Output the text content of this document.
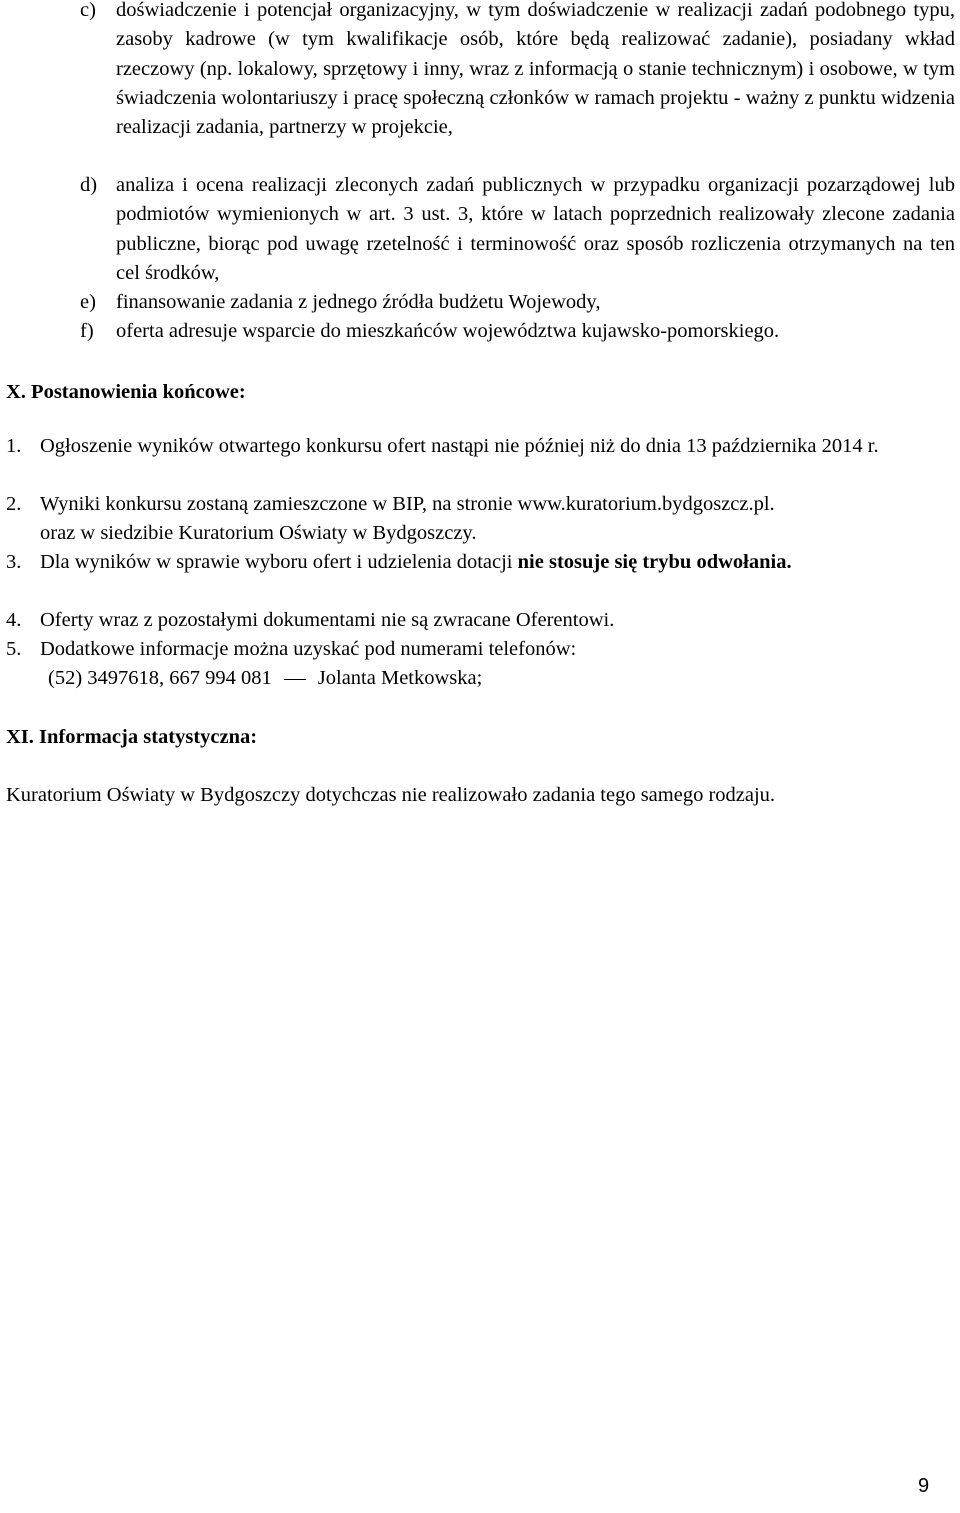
c) doświadczenie i potencjał organizacyjny, w tym doświadczenie w realizacji zadań podobnego typu, zasoby kadrowe (w tym kwalifikacje osób, które będą realizować zadanie), posiadany wkład rzeczowy (np. lokalowy, sprzętowy i inny, wraz z informacją o stanie technicznym) i osobowe, w tym świadczenia wolontariuszy i pracę społeczną członków w ramach projektu - ważny z punktu widzenia realizacji zadania, partnerzy w projekcie,
d) analiza i ocena realizacji zleconych zadań publicznych w przypadku organizacji pozarządowej lub podmiotów wymienionych w art. 3 ust. 3, które w latach poprzednich realizowały zlecone zadania publiczne, biorąc pod uwagę rzetelność i terminowość oraz sposób rozliczenia otrzymanych na ten cel środków,
e) finansowanie zadania z jednego źródła budżetu Wojewody,
f) oferta adresuje wsparcie do mieszkańców województwa kujawsko-pomorskiego.
X. Postanowienia końcowe:
1. Ogłoszenie wyników otwartego konkursu ofert nastąpi nie później niż do dnia 13 października 2014 r.
2. Wyniki konkursu zostaną zamieszczone w BIP, na stronie www.kuratorium.bydgoszcz.pl.
oraz w siedzibie Kuratorium Oświaty w Bydgoszczy.
3. Dla wyników w sprawie wyboru ofert i udzielenia dotacji nie stosuje się trybu odwołania.
4. Oferty wraz z pozostałymi dokumentami nie są zwracane Oferentowi.
5. Dodatkowe informacje można uzyskać pod numerami telefonów:
(52) 3497618, 667 994 081 Jolanta Metkowska;
XI. Informacja statystyczna:
Kuratorium Oświaty w Bydgoszczy dotychczas nie realizowało zadania tego samego rodzaju.
9
